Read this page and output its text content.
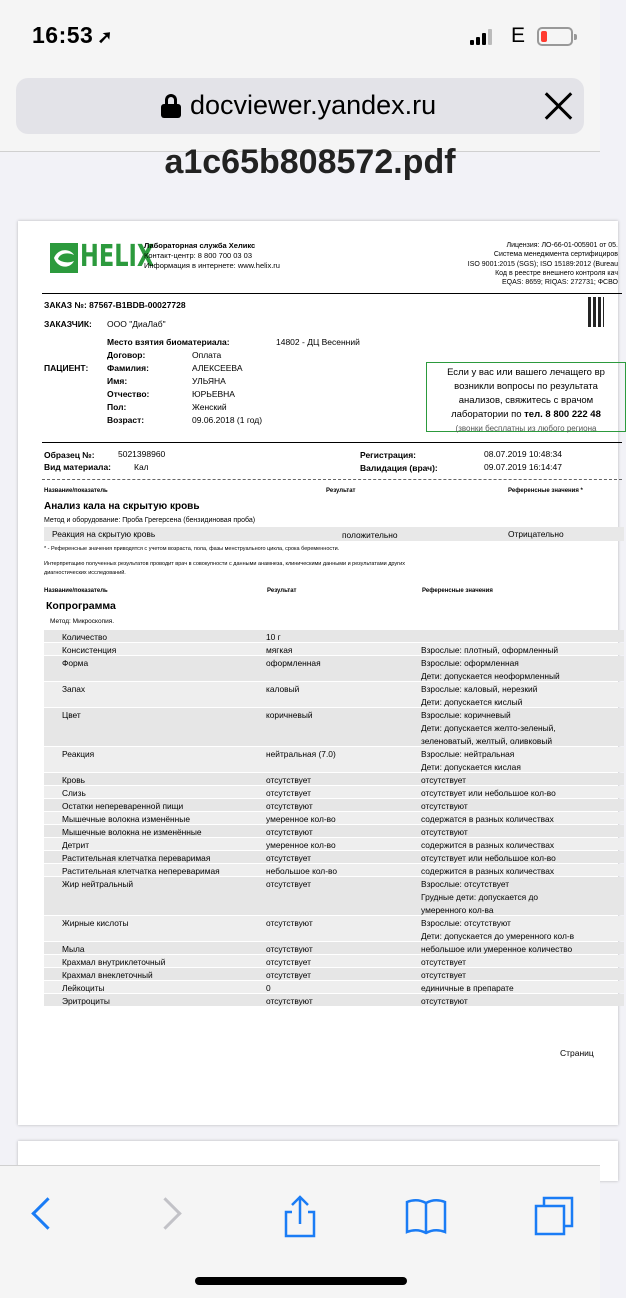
16:53 ➚	E
docviewer.yandex.ru
a1c65b808572.pdf
HELIX
Лабораторная служба Хеликс
Контакт-центр: 8 800 700 03 03
Информация в интернете: www.helix.ru
Лицензия: ЛО-66-01-005901 от 05.
Система менеджмента сертифициров
ISO 9001:2015 (SGS); ISO 15189:2012 (Bureau
Код в реестре внешнего контроля кач
EQAS: 8659; RIQAS: 272731; ФСВО
ЗАКАЗ №: 87567-B1BDB-00027728
ЗАКАЗЧИК: ООО "ДиаЛаб"
Место взятия биоматериала:	14802 - ДЦ Весенний
ПАЦИЕНТ:
Договор:	Оплата
Фамилия:	АЛЕКСЕЕВА
Имя:	УЛЬЯНА
Отчество:	ЮРЬЕВНА
Пол:	Женский
Возраст:	09.06.2018 (1 год)
Если у вас или вашего лечащего вр
возникли вопросы по результата
анализов, свяжитесь с врачом
лаборатории по тел. 8 800 222 48
(звонки бесплатны из любого региона
Образец №:	5021398960
Вид материала:	Кал
Регистрация:	08.07.2019 10:48:34
Валидация (врач):	09.07.2019 16:14:47
Название/показатель	Результат	Референсные значения *
Анализ кала на скрытую кровь
Метод и оборудование: Проба Грегерсена (бензидиновая проба)
Реакция на скрытую кровь	положительно	Отрицательно
* - Референсные значения приводятся с учетом возраста, пола, фазы менструального цикла, срока беременности.
Интерпретацию полученных результатов проводит врач в совокупности с данными анамнеза, клиническими данными и результатами других
диагностических исследований.
Название/показатель	Результат	Референсные значения
Копрограмма
Метод: Микроскопия.
Количество	10 г
Консистенция	мягкая	Взрослые: плотный, оформленный
Форма	оформленная	Взрослые: оформленная
Дети: допускается неоформленный
Запах	каловый	Взрослые: каловый, нерезкий
Дети: допускается кислый
Цвет	коричневый	Взрослые: коричневый
Дети: допускается желто-зеленый,
зеленоватый, желтый, оливковый
Реакция	нейтральная (7.0)	Взрослые: нейтральная
Дети: допускается кислая
Кровь	отсутствует	отсутствует
Слизь	отсутствует	отсутствует или небольшое кол-во
Остатки непереваренной пищи	отсутствуют	отсутствуют
Мышечные волокна изменённые	умеренное кол-во	содержатся в разных количествах
Мышечные волокна не изменённые	отсутствуют	отсутствуют
Детрит	умеренное кол-во	содержится в разных количествах
Растительная клетчатка переваримая	отсутствует	отсутствует или небольшое кол-во
Растительная клетчатка непереваримая	небольшое кол-во	содержится в разных количествах
Жир нейтральный	отсутствует	Взрослые: отсутствует
Грудные дети: допускается до
умеренного кол-ва
Жирные кислоты	отсутствуют	Взрослые: отсутствуют
Дети: допускается до умеренного кол-в
Мыла	отсутствуют	небольшое или умеренное количество
Крахмал внутриклеточный	отсутствует	отсутствует
Крахмал внеклеточный	отсутствует	отсутствует
Лейкоциты	0	единичные в препарате
Эритроциты	отсутствуют	отсутствуют
Страниц
